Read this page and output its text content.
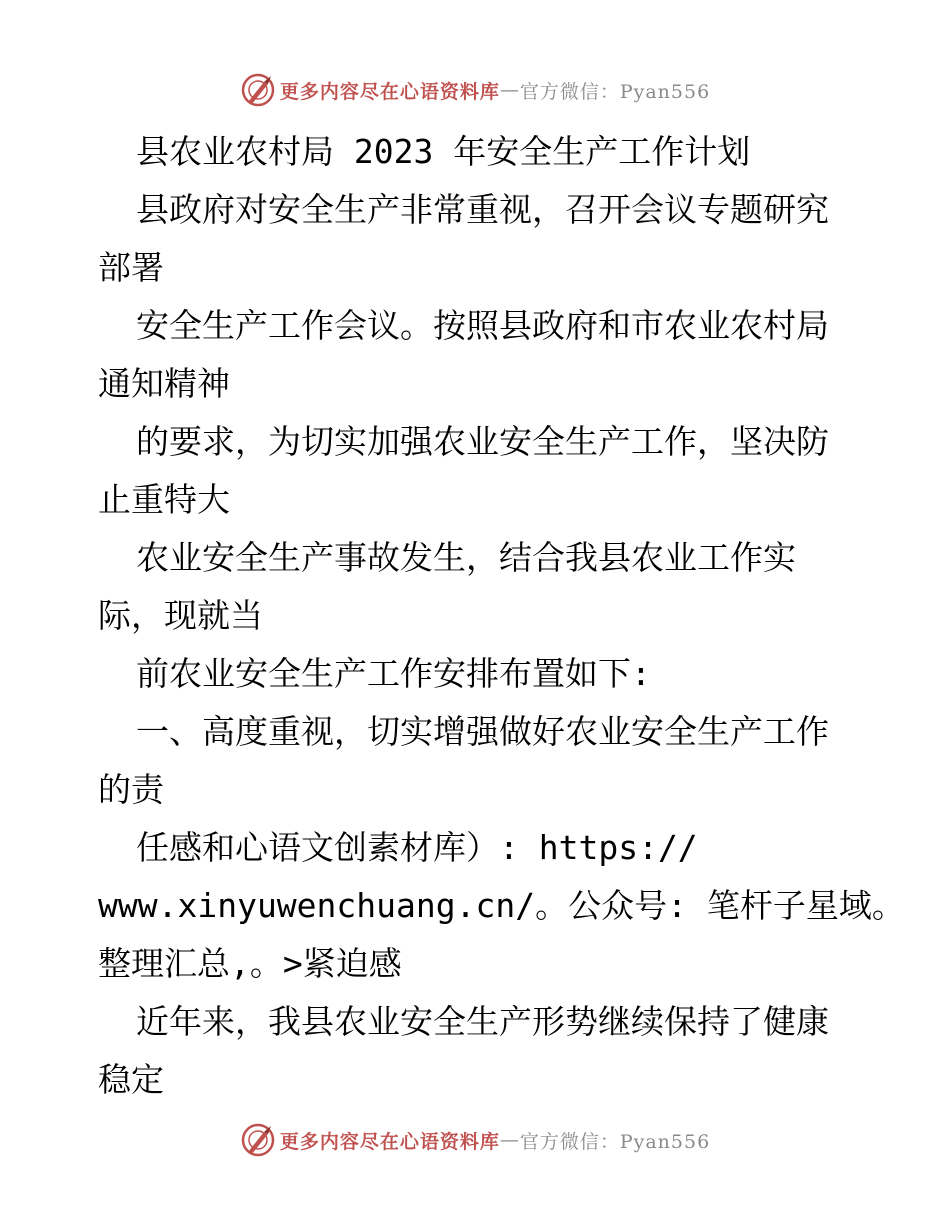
更多内容尽在心语资料库 — 官方微信：Pyan556
县农业农村局 2023 年安全生产工作计划
县政府对安全生产非常重视，召开会议专题研究
部署
安全生产工作会议。按照县政府和市农业农村局
通知精神
的要求，为切实加强农业安全生产工作，坚决防
止重特大
农业安全生产事故发生，结合我县农业工作实
际，现就当
前农业安全生产工作安排布置如下:
一、高度重视，切实增强做好农业安全生产工作
的责
任感和心语文创素材库）: https://
www.xinyuwenchuang.cn/。公众号: 笔杆子星域。
整理汇总,。>紧迫感
近年来，我县农业安全生产形势继续保持了健康
稳定
更多内容尽在心语资料库 — 官方微信：Pyan556
